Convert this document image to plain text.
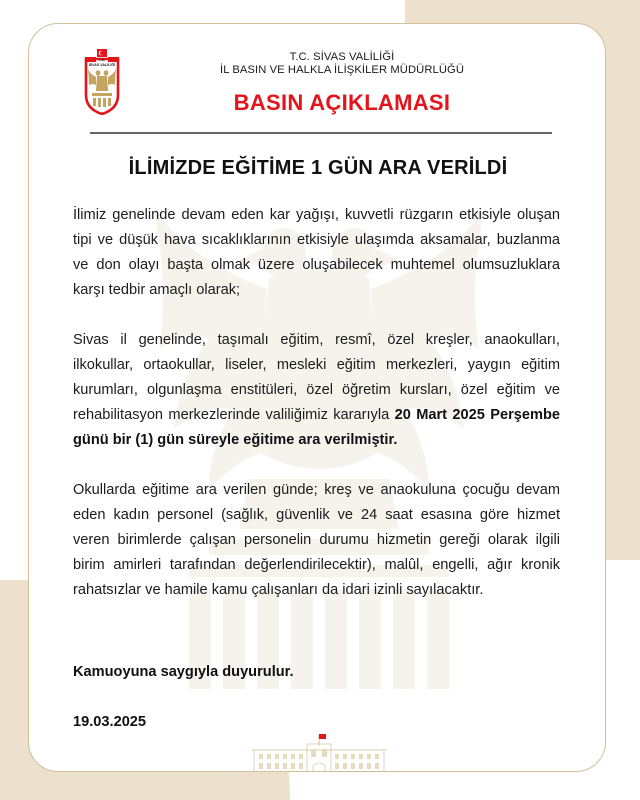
T.C.
SİVAS VALİLİĞİ
T.C. SİVAS VALİLİĞİ
İL BASIN VE HALKLA İLİŞKİLER MÜDÜRLÜĞÜ
BASIN AÇIKLAMASI
İLİMİZDE EĞİTİME 1 GÜN ARA VERİLDİ

İlimiz genelinde devam eden kar yağışı, kuvvetli rüzgarın etkisiyle oluşan tipi ve düşük hava sıcaklıklarının etkisiyle ulaşımda aksamalar, buzlanma ve don olayı başta olmak üzere oluşabilecek muhtemel olumsuzluklara karşı tedbir amaçlı olarak;

Sivas il genelinde, taşımalı eğitim, resmî, özel kreşler, anaokulları, ilkokullar, ortaokullar, liseler, mesleki eğitim merkezleri, yaygın eğitim kurumları, olgunlaşma enstitüleri, özel öğretim kursları, özel eğitim ve rehabilitasyon merkezlerinde valiliğimiz kararıyla 20 Mart 2025 Perşembe günü bir (1) gün süreyle eğitime ara verilmiştir.

Okullarda eğitime ara verilen günde; kreş ve anaokuluna çocuğu devam eden kadın personel (sağlık, güvenlik ve 24 saat esasına göre hizmet veren birimlerde çalışan personelin durumu hizmetin gereği olarak ilgili birim amirleri tarafından değerlendirilecektir), malûl, engelli, ağır kronik rahatsızlar ve hamile kamu çalışanları da idari izinli sayılacaktır.

Kamuoyuna saygıyla duyurulur.
19.03.2025
